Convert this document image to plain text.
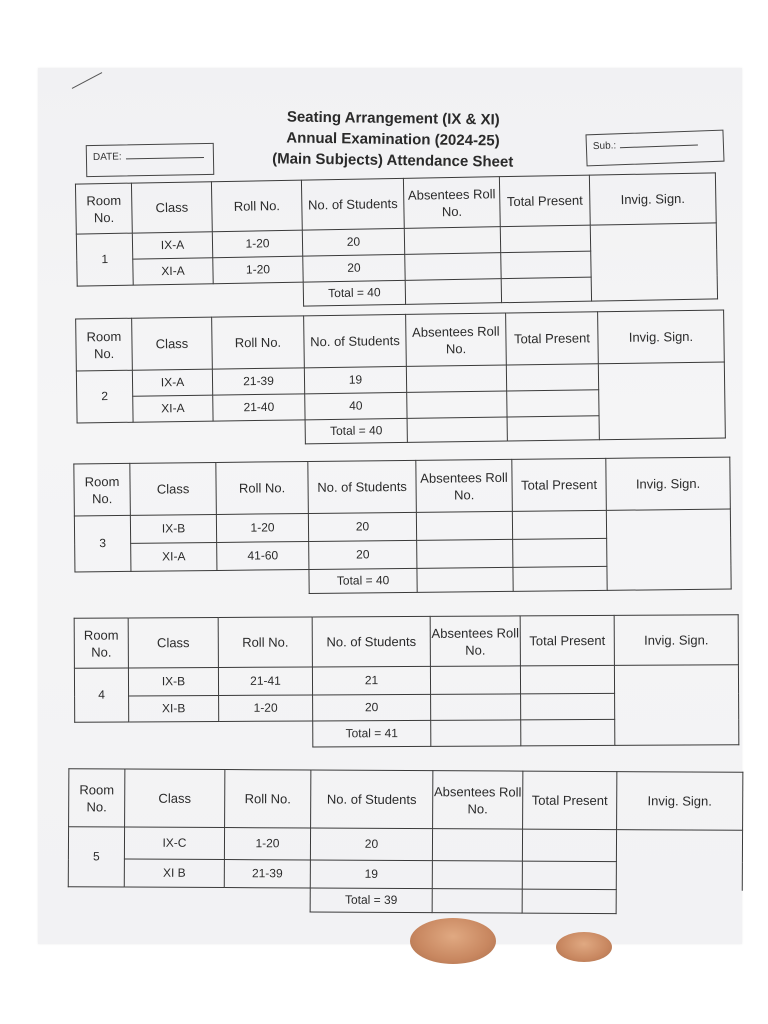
Seating Arrangement (IX & XI)
Annual Examination (2024-25)
(Main Subjects) Attendance Sheet
DATE:
Sub.:
Room No.	Class	Roll No.	No. of Students	Absentees Roll No.	Total Present	Invig. Sign.
1	IX-A	1-20	20			
	XI-A	1-20	20			
			Total = 40			
Room No.	Class	Roll No.	No. of Students	Absentees Roll No.	Total Present	Invig. Sign.
2	IX-A	21-39	19			
	XI-A	21-40	40			
			Total = 40			
Room No.	Class	Roll No.	No. of Students	Absentees Roll No.	Total Present	Invig. Sign.
3	IX-B	1-20	20			
	XI-A	41-60	20			
			Total = 40			
Room No.	Class	Roll No.	No. of Students	Absentees Roll No.	Total Present	Invig. Sign.
4	IX-B	21-41	21			
	XI-B	1-20	20			
			Total = 41			
Room No.	Class	Roll No.	No. of Students	Absentees Roll No.	Total Present	Invig. Sign.
5	IX-C	1-20	20			
	XI B	21-39	19			
			Total = 39			
